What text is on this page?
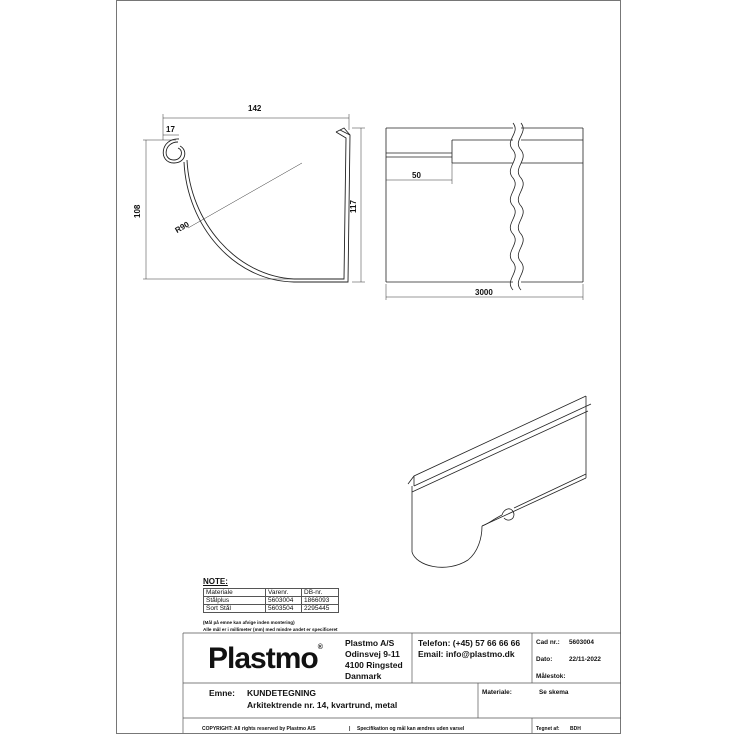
142
17
108	117
R90
50
3000
NOTE:
Materiale	Varenr.	DB-nr.
Stålplus	5603004	1866093
Sort Stål	5603504	2295445
(Mål på emne kan afvige inden montering)
Alle mål er i millimeter (mm) med mindre andet er specificeret
Plastmo®	Plastmo A/S
Odinsvej 9-11
4100 Ringsted
Danmark
Telefon: (+45) 57 66 66 66
Email: info@plastmo.dk
Cad nr.: 5603004
Dato:	22/11-2022
Målestok:
Emne: KUNDETEGNING
Arkitektrende nr. 14, kvartrund, metal
Materiale:	Se skema
COPYRIGHT: All rights reserved by Plastmo A/S	| Specifikation og mål kan ændres uden varsel	Tegnet af: BDH
